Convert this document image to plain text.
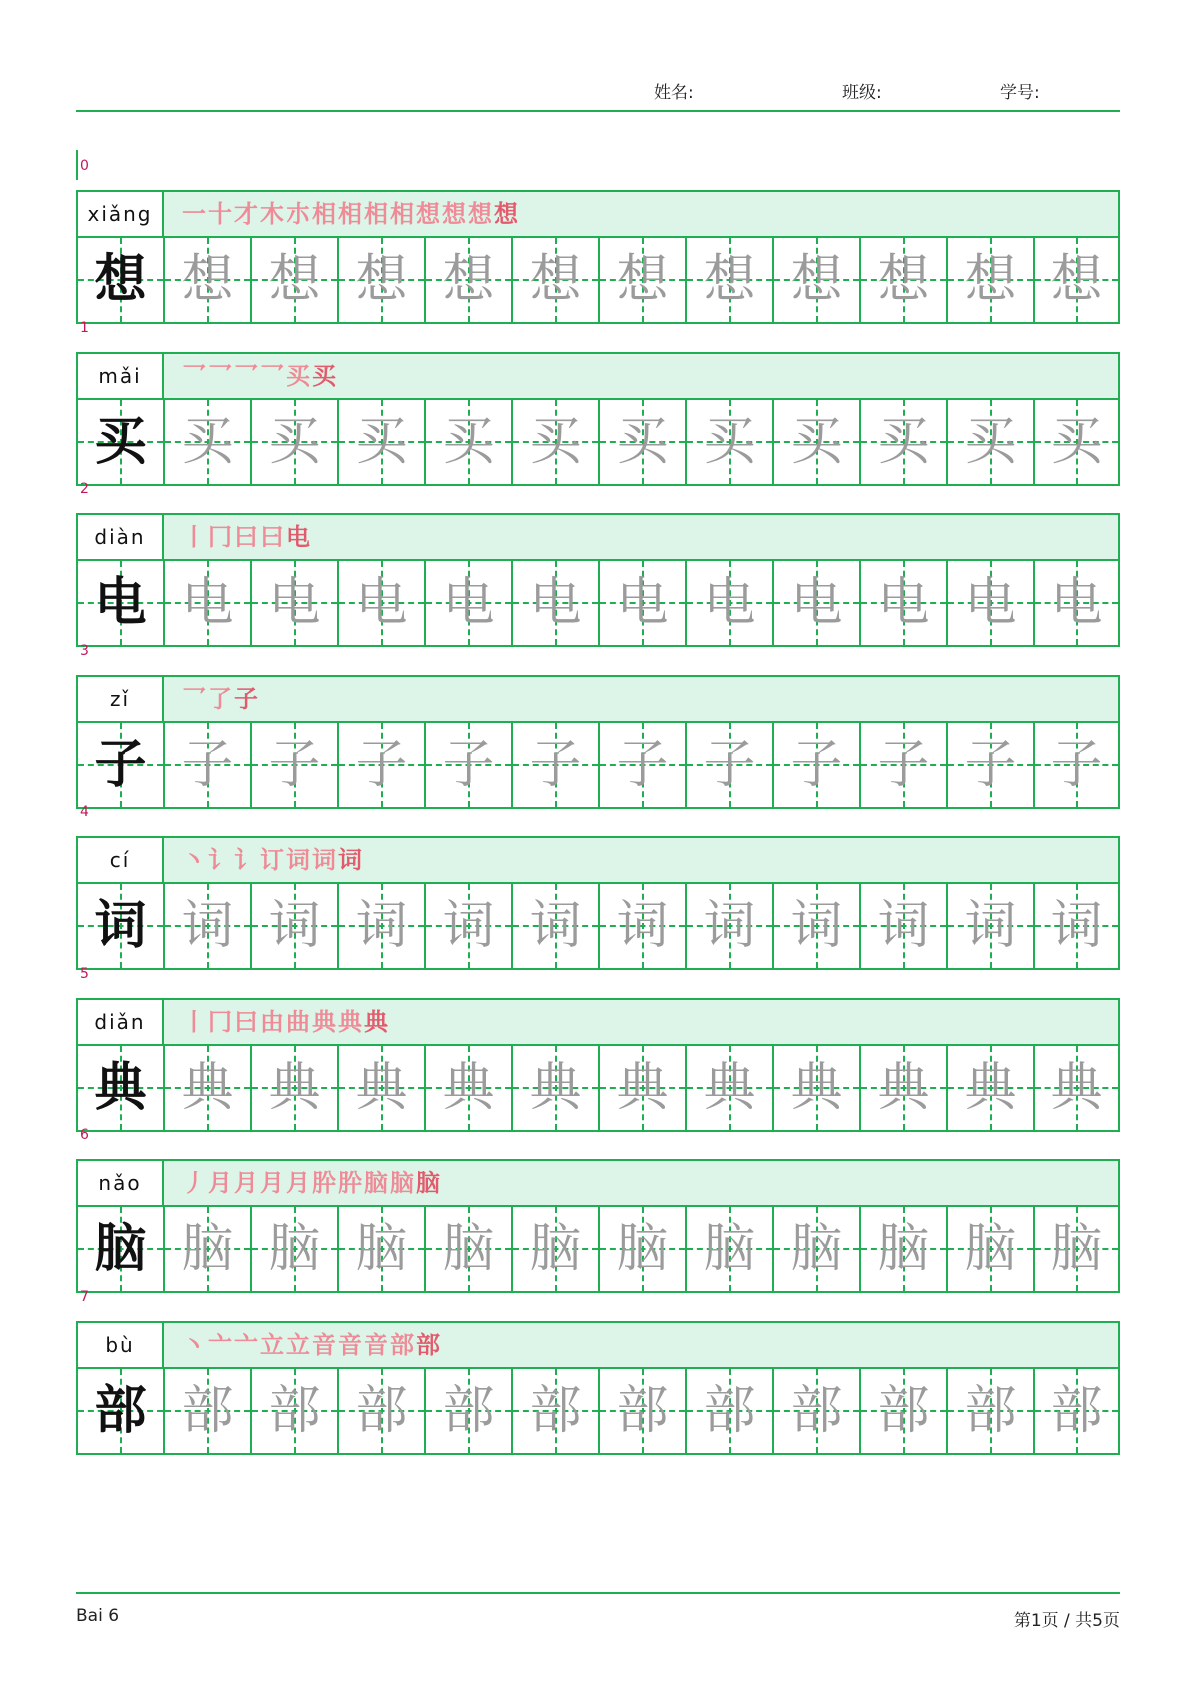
姓名:	班级:	学号:
0
xiǎng	一十才木朩相相相相想想想想
想 想 想 想 想 想 想 想 想 想 想 想
1
mǎi	乛乛乛乛买买
买 买 买 买 买 买 买 买 买 买 买 买
2
diàn	丨冂曰曰电
电 电 电 电 电 电 电 电 电 电 电 电
3
zǐ	乛了子
子 子 子 子 子 子 子 子 子 子 子 子
4
cí	丶讠讠订词词词
词 词 词 词 词 词 词 词 词 词 词 词
5
diǎn	丨冂曰由曲典典典
典 典 典 典 典 典 典 典 典 典 典 典
6
nǎo	丿月月月月肸肸脑脑脑
脑 脑 脑 脑 脑 脑 脑 脑 脑 脑 脑 脑
7
bù	丶亠亠立立音音音部部
部 部 部 部 部 部 部 部 部 部 部 部
Bai 6	第1页 / 共5页
